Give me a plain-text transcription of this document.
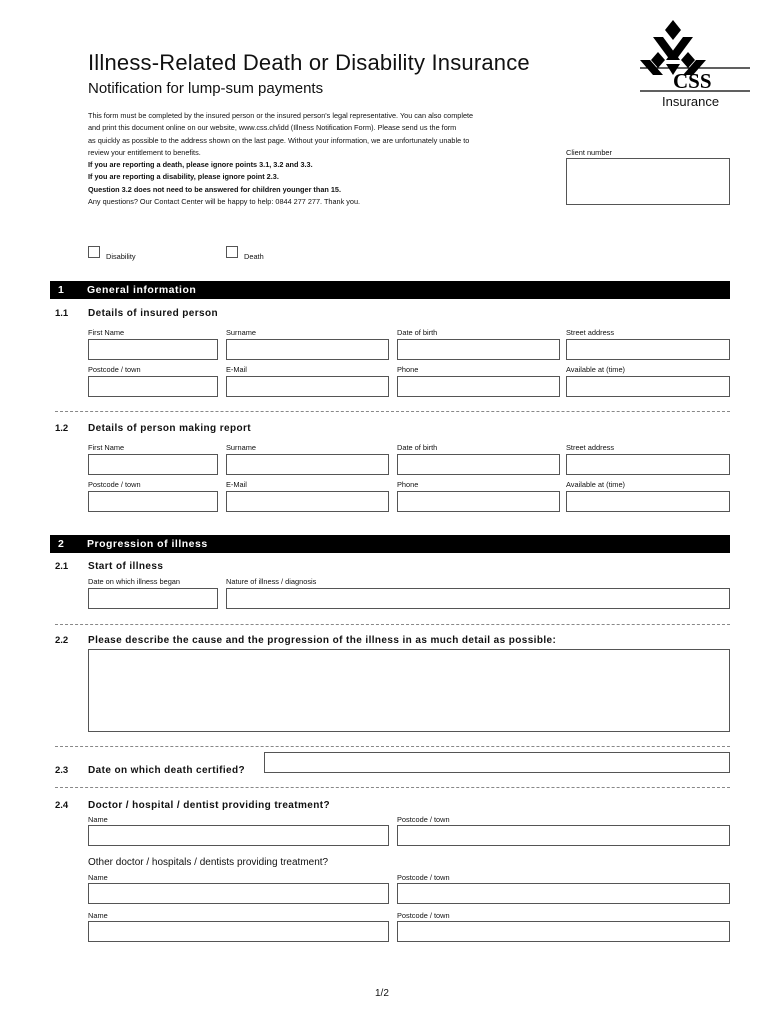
Illness-Related Death or Disability Insurance
Notification for lump-sum payments
This form must be completed by the insured person or the insured person's legal representative. You can also complete
and print this document online on our website, www.css.ch/idd (Illness Notification Form). Please send us the form
as quickly as possible to the address shown on the last page. Without your information, we are unfortunately unable to
review your entitlement to benefits.
If you are reporting a death, please ignore points 3.1, 3.2 and 3.3.
If you are reporting a disability, please ignore point 2.3.
Question 3.2 does not need to be answered for children younger than 15.
Any questions? Our Contact Center will be happy to help: 0844 277 277. Thank you.
CSS
Insurance
Client number
Disability	Death
1 General information
1.1 Details of insured person
First Name	Surname	Date of birth	Street address
Postcode / town	E-Mail	Phone	Available at (time)
1.2 Details of person making report
First Name	Surname	Date of birth	Street address
Postcode / town	E-Mail	Phone	Available at (time)
2 Progression of illness
2.1 Start of illness
Date on which illness began	Nature of illness / diagnosis
2.2 Please describe the cause and the progression of the illness in as much detail as possible:
2.3 Date on which death certified?
2.4 Doctor / hospital / dentist providing treatment?
Name	Postcode / town
Other doctor / hospitals / dentists providing treatment?
Name	Postcode / town
Name	Postcode / town
1/2
